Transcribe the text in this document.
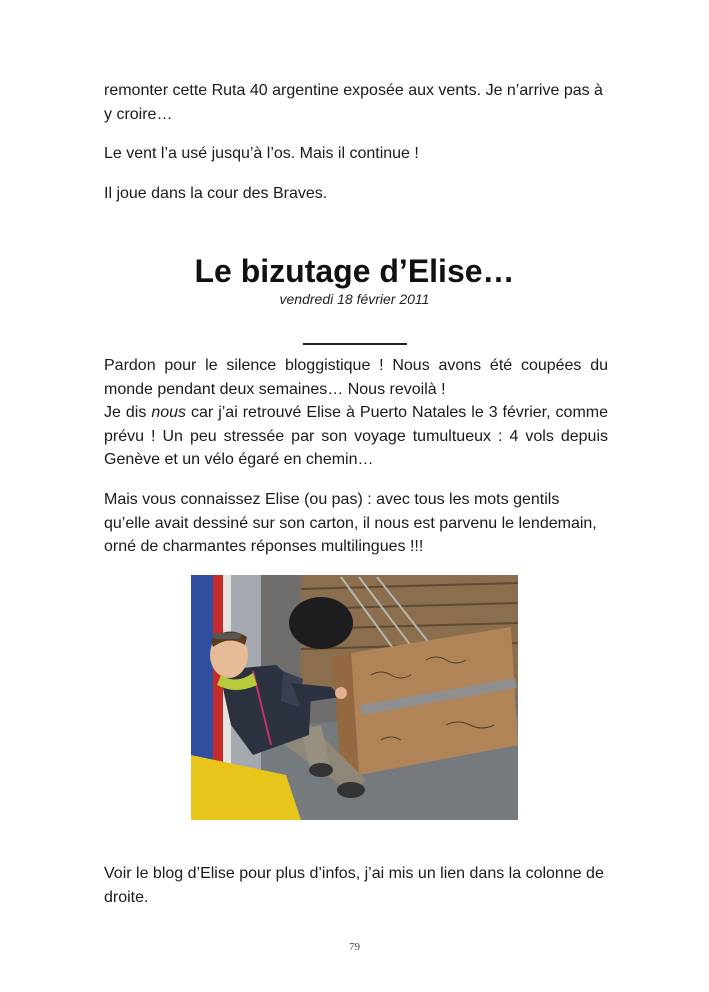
remonter cette Ruta 40 argentine exposée aux vents. Je n’arrive pas à y croire…

Le vent l’a usé jusqu’à l’os. Mais il continue !

Il joue dans la cour des Braves.

Le bizutage d’Elise…
vendredi 18 février 2011

Pardon pour le silence bloggistique ! Nous avons été coupées du monde pendant deux semaines… Nous revoilà !

Je dis nous car j’ai retrouvé Elise à Puerto Natales le 3 février, comme prévu ! Un peu stressée par son voyage tumultueux : 4 vols depuis Genève et un vélo égaré en chemin…

Mais vous connaissez Elise (ou pas) : avec tous les mots gentils qu’elle avait dessiné sur son carton, il nous est parvenu le lendemain, orné de charmantes réponses multilingues !!!

Voir le blog d’Elise pour plus d’infos, j’ai mis un lien dans la colonne de droite.

79
